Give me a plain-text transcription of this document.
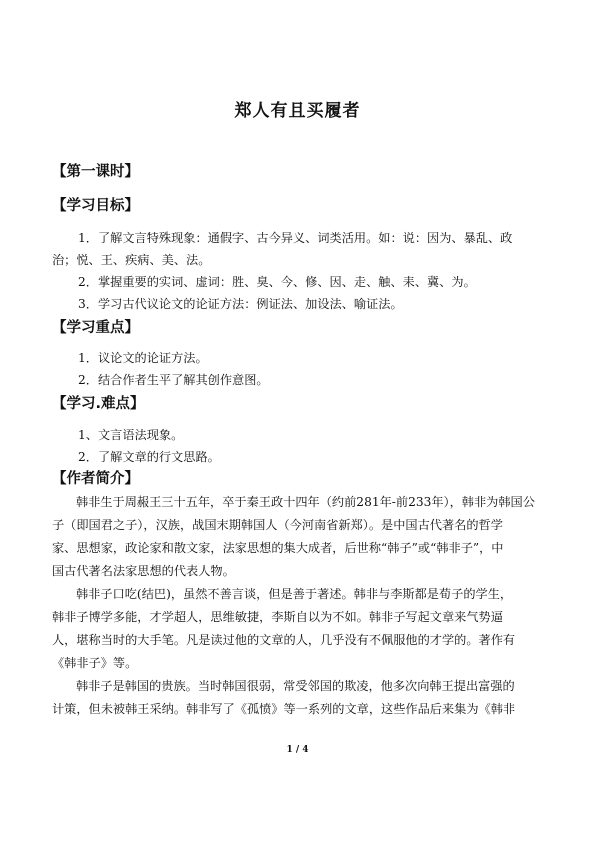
郑人有且买履者
【第一课时】
【学习目标】
1．了解文言特殊现象：通假字、古今异义、词类活用。如：说：因为、暴乱、政
治；悦、王、疾病、美、法。
2．掌握重要的实词、虚词：胜、臭、今、修、因、走、触、耒、冀、为。
3．学习古代议论文的论证方法：例证法、加设法、喻证法。
【学习重点】
1．议论文的论证方法。
2．结合作者生平了解其创作意图。
【学习.难点】
1、文言语法现象。
2．了解文章的行文思路。
【作者简介】
韩非生于周赧王三十五年，卒于秦王政十四年（约前281年-前233年），韩非为韩国公
子（即国君之子），汉族，战国末期韩国人（今河南省新郑）。是中国古代著名的哲学
家、思想家，政论家和散文家，法家思想的集大成者，后世称“韩子”或“韩非子”，中
国古代著名法家思想的代表人物。
韩非子口吃(结巴)，虽然不善言谈，但是善于著述。韩非与李斯都是荀子的学生，
韩非子博学多能，才学超人，思维敏捷，李斯自以为不如。韩非子写起文章来气势逼
人，堪称当时的大手笔。凡是读过他的文章的人，几乎没有不佩服他的才学的。著作有
《韩非子》等。
韩非子是韩国的贵族。当时韩国很弱，常受邻国的欺凌，他多次向韩王提出富强的
计策，但未被韩王采纳。韩非写了《孤愤》等一系列的文章，这些作品后来集为《韩非
1 / 4
